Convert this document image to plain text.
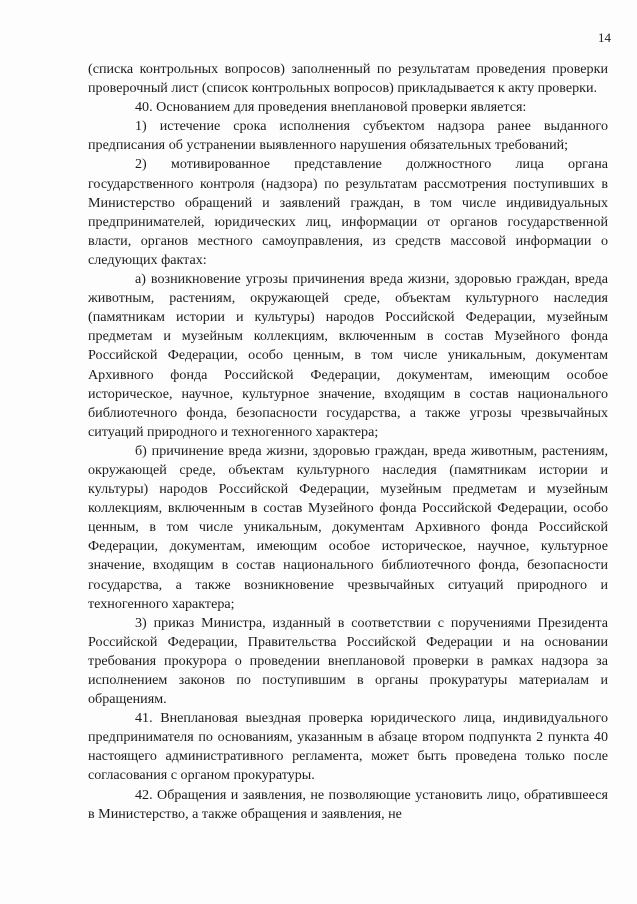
14

(списка контрольных вопросов) заполненный по результатам проведения проверки проверочный лист (список контрольных вопросов) прикладывается к акту проверки.

40. Основанием для проведения внеплановой проверки является:

1) истечение срока исполнения субъектом надзора ранее выданного предписания об устранении выявленного нарушения обязательных требований;

2) мотивированное представление должностного лица органа государственного контроля (надзора) по результатам рассмотрения поступивших в Министерство обращений и заявлений граждан, в том числе индивидуальных предпринимателей, юридических лиц, информации от органов государственной власти, органов местного самоуправления, из средств массовой информации о следующих фактах:

а) возникновение угрозы причинения вреда жизни, здоровью граждан, вреда животным, растениям, окружающей среде, объектам культурного наследия (памятникам истории и культуры) народов Российской Федерации, музейным предметам и музейным коллекциям, включенным в состав Музейного фонда Российской Федерации, особо ценным, в том числе уникальным, документам Архивного фонда Российской Федерации, документам, имеющим особое историческое, научное, культурное значение, входящим в состав национального библиотечного фонда, безопасности государства, а также угрозы чрезвычайных ситуаций природного и техногенного характера;

б) причинение вреда жизни, здоровью граждан, вреда животным, растениям, окружающей среде, объектам культурного наследия (памятникам истории и культуры) народов Российской Федерации, музейным предметам и музейным коллекциям, включенным в состав Музейного фонда Российской Федерации, особо ценным, в том числе уникальным, документам Архивного фонда Российской Федерации, документам, имеющим особое историческое, научное, культурное значение, входящим в состав национального библиотечного фонда, безопасности государства, а также возникновение чрезвычайных ситуаций природного и техногенного характера;

3) приказ Министра, изданный в соответствии с поручениями Президента Российской Федерации, Правительства Российской Федерации и на основании требования прокурора о проведении внеплановой проверки в рамках надзора за исполнением законов по поступившим в органы прокуратуры материалам и обращениям.

41. Внеплановая выездная проверка юридического лица, индивидуального предпринимателя по основаниям, указанным в абзаце втором подпункта 2 пункта 40 настоящего административного регламента, может быть проведена только после согласования с органом прокуратуры.

42. Обращения и заявления, не позволяющие установить лицо, обратившееся в Министерство, а также обращения и заявления, не
